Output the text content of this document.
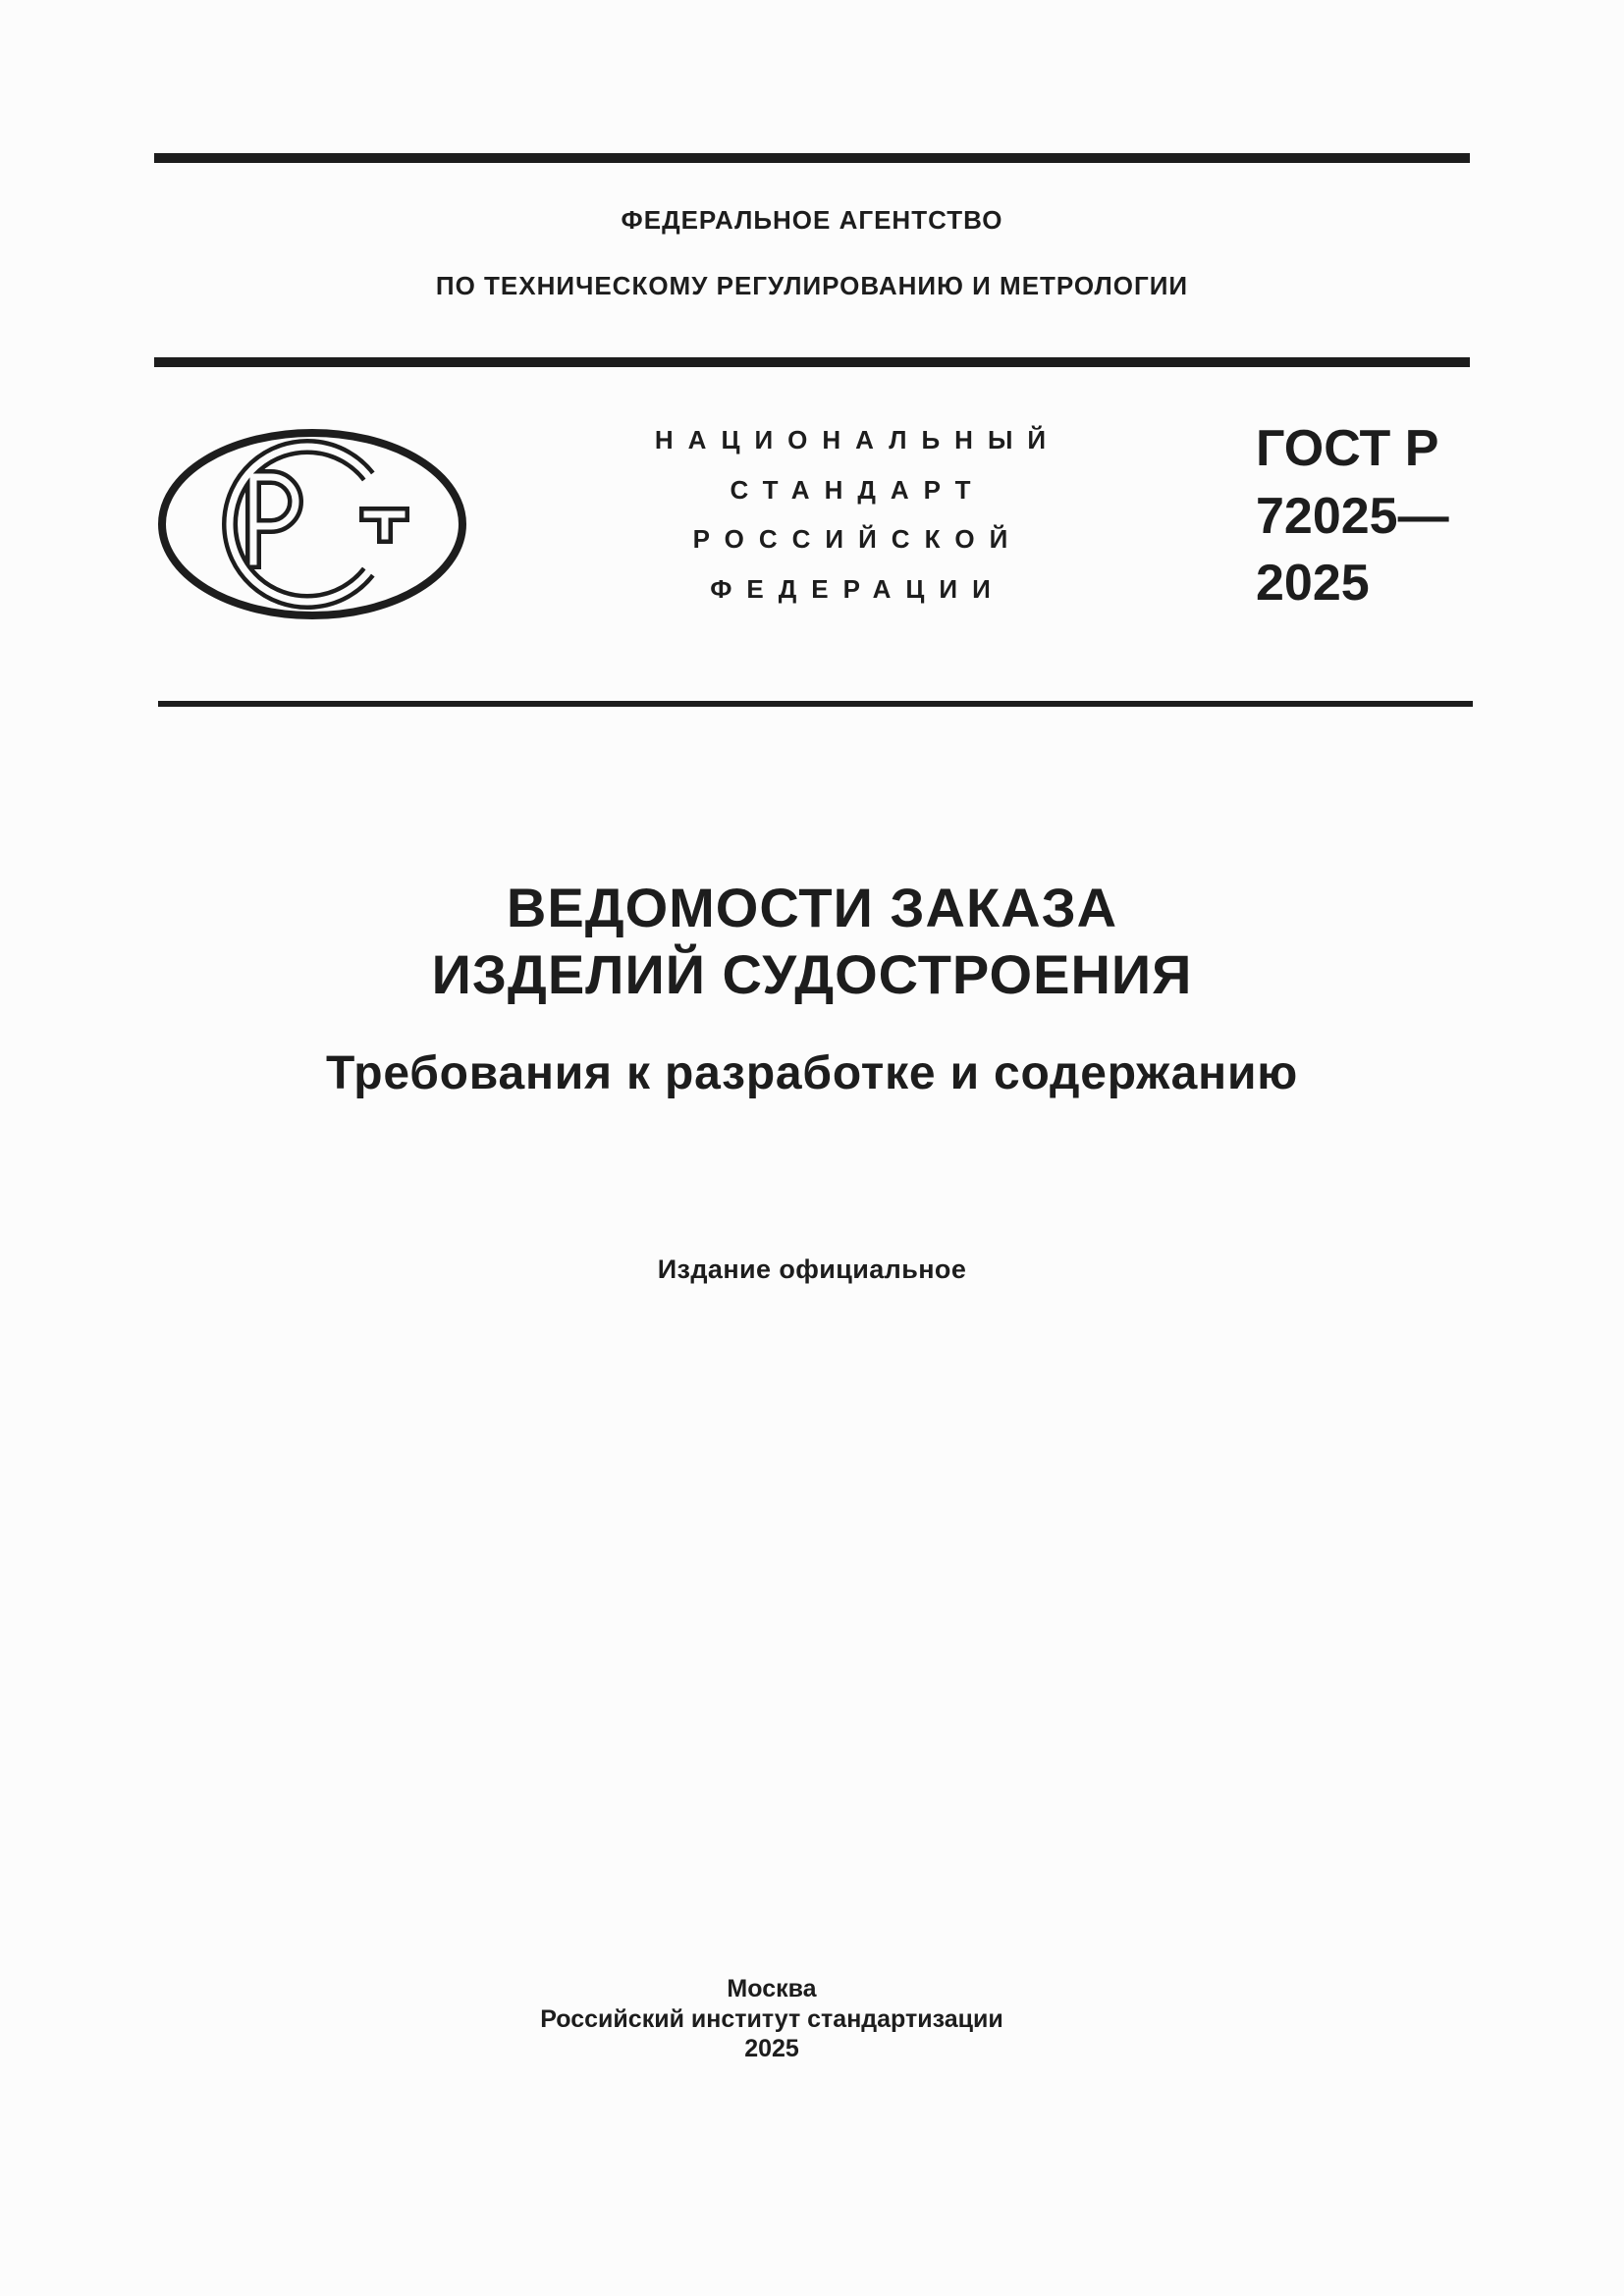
ФЕДЕРАЛЬНОЕ АГЕНТСТВО
ПО ТЕХНИЧЕСКОМУ РЕГУЛИРОВАНИЮ И МЕТРОЛОГИИ
НАЦИОНАЛЬНЫЙ
СТАНДАРТ
РОССИЙСКОЙ
ФЕДЕРАЦИИ
ГОСТ Р
72025—
2025
ВЕДОМОСТИ ЗАКАЗА
ИЗДЕЛИЙ СУДОСТРОЕНИЯ
Требования к разработке и содержанию
Издание официальное
Москва
Российский институт стандартизации
2025
